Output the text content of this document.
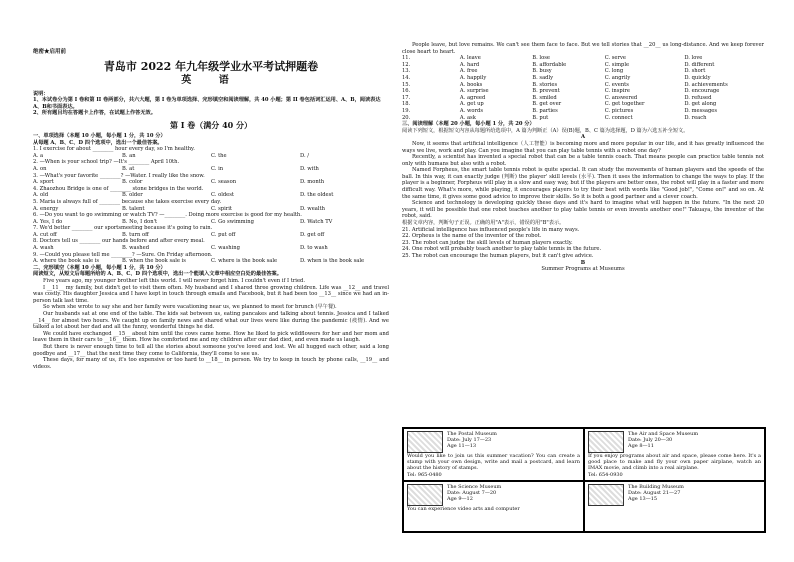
绝密★启用前
青岛市 2022 年九年级学业水平考试押题卷
英 语

说明：

1、本试卷分为第 I 卷和第 II 卷两部分，共六大题，第 I 卷为单项选择、完形填空和阅读理解，共 40 小题；第 II 卷包括词汇运用、A、B，阅读表达A、B和书面表达。

2、所有题目均在答题卡上作答，在试题上作答无效。

第 I 卷（满分 40 分）

一、单项选择（本题 10 小题，每小题 1 分，共 10 分）

从每题 A、B、C、D 四个选项中，选出一个最佳答案。

1. I exercise for about ________ hour every day, so I'm healthy.

A. a	B. an	C. the	D. /

2. —When is your school trip? —It's ________ April 10th.

A. on	B. at	C. in	D. with

3. —What's your favorite ________? —Water. I really like the snow.

A. sport	B. color	C. season	D. month

4. Zhaozhou Bridge is one of ________ stone bridges in the world.

A. old	B. older	C. oldest	D. the oldest

5. Maria is always full of ________ because she takes exercise every day.

A. energy	B. talent	C. spirit	D. wealth

6. —Do you want to go swimming or watch TV? —________. Doing more exercise is good for my health.

A. Yes, I do	B. No, I don't	C. Go swimming	D. Watch TV

7. We'd better ________ our sportsmeeting because it's going to rain.

A. cut off	B. turn off	C. put off	D. get off

8. Doctors tell us ________ our hands before and after every meal.

A. wash	B. washed	C. washing	D. to wash

9. —Could you please tell me ________? —Sure. On Friday afternoon.

A. where the book sale is	B. when the book sale is	C. where is the book sale	D. when is the book sale

二、完形填空（本题 10 小题，每小题 1 分，共 10 分）

阅读短文，从短文后每题所给的 A、B、C、D 四个选项中，选出一个能填入文章中相应空白处的最佳答案。

Five years ago, my younger brother left this world. I will never forget him. I couldn't even if I tried.

I __11__ my family, but didn't get to visit them often. My husband and I shared three growing children. Life was __12__ and travel was costly. His daughter Jessica and I have kept in touch through emails and Facebook, but it had been too __13__ since we had an in-person talk last time.

So when she wrote to say she and her family were vacationing near us, we planned to meet for brunch (早午餐).

Our husbands sat at one end of the table. The kids sat between us, eating pancakes and talking about tennis. Jessica and I talked __14__ for almost two hours. We caught up on family news and shared what our lives were like during the pandemic (疫情). And we talked a lot about her dad and all the funny, wonderful things he did.

We could have exchanged __15__ about him until the cows came home. How he liked to pick wildflowers for her and her mom and leave them in their cars to __16__ them. How he comforted me and my children after our dad died, and even made us laugh.

But there is never enough time to tell all the stories about someone you've loved and lost. We all hugged each other, said a long goodbye and __17__ that the next time they come to California, they'll come to see us.

These days, for many of us, it's too expensive or too hard to __18__ in person. We try to keep in touch by phone calls, __19__ and videos.

People leave, but love remains. We can't see them face to face. But we tell stories that __20__ us long-distance. And we keep forever close heart to heart.

11.	A. leave	B. lose	C. serve	D. love
12.	A. hard	B. affordable	C. simple	D. different
13.	A. free	B. busy	C. long	D. short
14.	A. happily	B. sadly	C. angrily	D. quickly
15.	A. books	B. stories	C. events	D. achievements
16.	A. surprise	B. prevent	C. inspire	D. encourage
17.	A. agreed	B. smiled	C. answered	D. refused
18.	A. get up	B. get over	C. get together	D. get along
19.	A. words	B. parties	C. pictures	D. messages
20.	A. ask	B. put	C. connect	D. reach

三、阅读理解（本题 20 小题，每小题 1 分，共 20 分）

阅读下列短文，根据短文内容从每题所给选项中，A 篇为判断正（A）误(B)题，B、C 篇为选择题，D 篇为六选五补全短文。

A

Now, it seems that artificial intelligence（人工智能）is becoming more and more popular in our life, and it has greatly influenced the ways we live, work and play. Can you imagine that you can play table tennis with a robot one day?

Recently, a scientist has invented a special robot that can be a table tennis coach. That means people can practice table tennis not only with humans but also with a robot.

Named Forpheus, the smart table tennis robot is quite special. It can study the movements of human players and the speeds of the ball. In this way, it can exactly judge (判断) the player' skill levels (水平). Then it uses the information to change the ways to play. If the player is a beginner, Forpheus will play in a slow and easy way, but if the players are better ones, the robot will play in a faster and more difficult way. What's more, while playing, it encourages players to try their best with words like "Good job!", "Come on!" and so on. At the same time, it gives some good advice to improve their skills. So it is both a good partner and a clever coach.

Science and technology is developing quickly these days and it's hard to imagine what will happen in the future. "In the next 20 years, it will be possible that one robot teaches another to play table tennis or even invents another one!" Takuaya, the inventor of the robot, said.

根据文章内容，判断句子正误。正确的用"A"表示，错误的用"B"表示。

21. Artificial intelligence has influenced people's life in many ways.

22. Orpheus is the name of the inventor of the robot.

23. The robot can judge the skill levels of human players exactly.

24. One robot will probably teach another to play table tennis in the future.

25. The robot can encourage the human players, but it can't give advice.

B

Summer Programs at Museums

The Postal Museum
Date: July 17—23
Age 11—13
Would you like to join us this summer vacation? You can create a stamp with your own design, write and mail a postcard, and learn about the history of stamps.
Tel: 965-0480
The Air and Space Museum
Date: July 20—30
Age 8—11
If you enjoy programs about air and space, please come here. It's a good place to make and fly your own paper airplane, watch an IMAX movie, and climb into a real airplane.
Tel: 654-0930
The Science Museum
Date: August 7—20
Age 9—12
You can experience video arts and computer
The Building Museum
Date: August 21—27
Age 13—15
